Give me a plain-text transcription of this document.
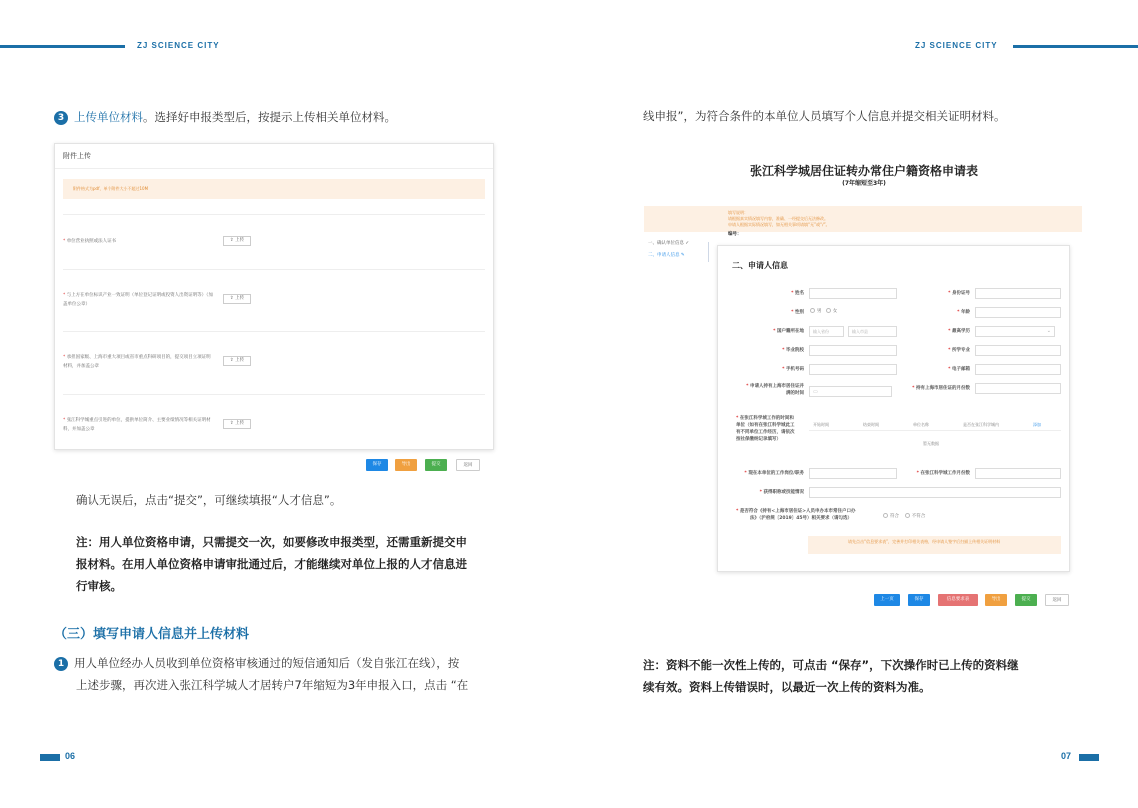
ZJ SCIENCE CITY	ZJ SCIENCE CITY
3 上传单位材料。选择好申报类型后，按提示上传相关单位材料。
附件上传
附件格式为pdf，单个附件大小不超过10M
* 单位营业执照或法人证书	⇪ 上传
* 与上方在单位标识产业一致证明（单位登记证明或投资人出资证明等）（加盖单位公章）
⇪ 上传
* 承担国家级、上海市重大项目或省市重点科研项目的，提交项目立项证明材料，并加盖公章
⇪ 上传
* 张江科学城重点引进的单位，提供单位简介、主要业绩情况等相关证明材料，并加盖公章
⇪ 上传
保存	导出	提交	返回
确认无误后，点击“提交”，可继续填报“人才信息”。
注：用人单位资格申请，只需提交一次，如要修改申报类型，还需重新提交申
报材料。在用人单位资格申请审批通过后，才能继续对单位上报的人才信息进
行审核。
（三）填写申请人信息并上传材料
1 用人单位经办人员收到单位资格审核通过的短信通知后（发自张江在线），按
上述步骤，再次进入张江科学城人才居转户7年缩短为3年申报入口，点击 “在
线申报”，为符合条件的本单位人员填写个人信息并提交相关证明材料。
张江科学城居住证转办常住户籍资格申请表
(7年缩短至3年)
填写说明：
请根据真实情况填写内容，准确、一经提交后无法修改。
申请人根据实际情况填写，如无相关事项请填“无”或“/”。
编号：
一、确认单位信息 ✓
二、申请人信息 ✎
二、申请人信息
* 姓名	* 身份证号
* 性别	男	女	* 年龄
* 国户籍所在地	输入省份	输入市县	* 最高学历	⌄
* 毕业院校	* 所学专业
* 手机号码	* 电子邮箱
* 申请人持有上海市居住证并
满的时间	▭
* 持有上海市居住证的月份数
* 在张江科学城工作的时间和
单位（如有在张江科学城此工
有不同单位工作经历，请依次
按社保缴纳记录填写）
开始时间	结束时间	单位名称	是否在张江科学城内	添加
暂无数据
* 现在本单位的工作岗位/职务	* 在张江科学城工作月份数
* 获得职称或技能情况
* 是否符合《持有<上海市居住证>人员申办本市常住户口办
法》（沪府规〔2019〕45号）相关要求（请勾选）	符合	不符合
请先点击“信息要求表”，完善并打印相关表格，经申请人签字后扫描上传相关证明材料
上一页	保存	信息要求表	导出	提交	返回
注：资料不能一次性上传的，可点击 “保存”，下次操作时已上传的资料继
续有效。资料上传错误时，以最近一次上传的资料为准。
06	07
